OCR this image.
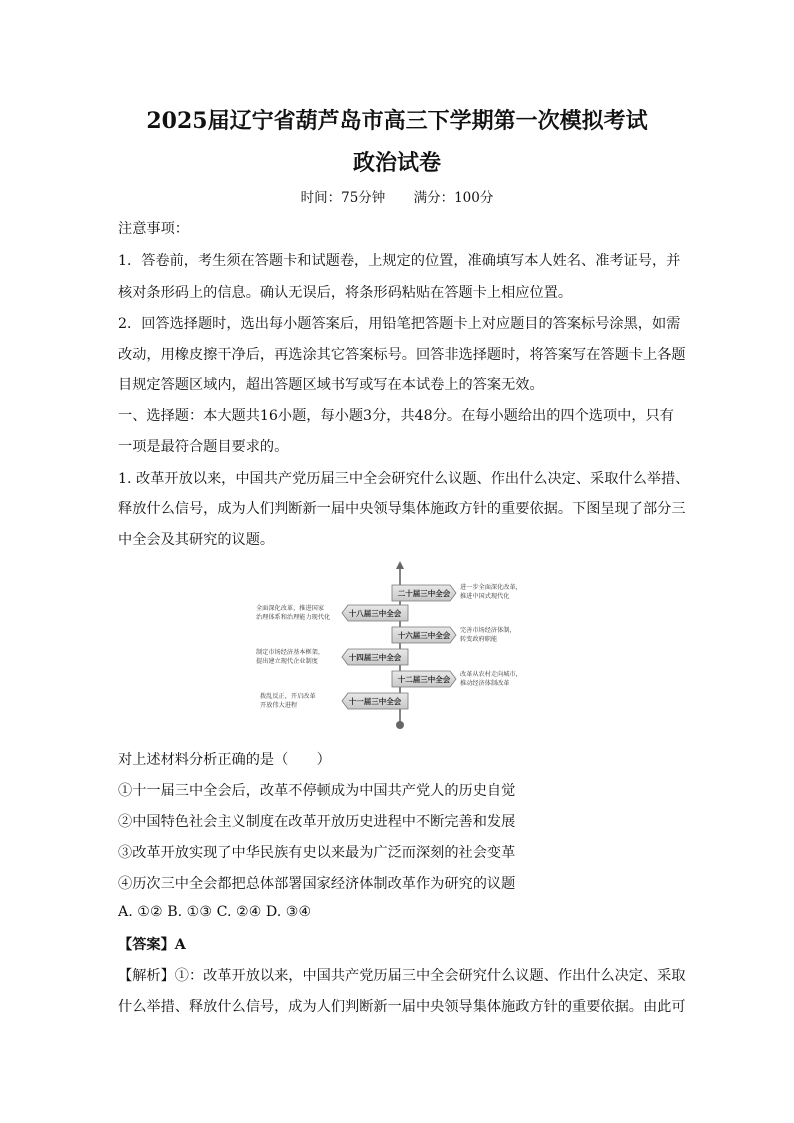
2025届辽宁省葫芦岛市高三下学期第一次模拟考试
政治试卷
时间：75分钟 满分：100分
注意事项：
1．答卷前，考生须在答题卡和试题卷，上规定的位置，准确填写本人姓名、准考证号，并
核对条形码上的信息。确认无误后，将条形码粘贴在答题卡上相应位置。
2．回答选择题时，选出每小题答案后，用铅笔把答题卡上对应题目的答案标号涂黑，如需
改动，用橡皮擦干净后，再选涂其它答案标号。回答非选择题时，将答案写在答题卡上各题
目规定答题区域内，超出答题区域书写或写在本试卷上的答案无效。
一、选择题：本大题共16小题，每小题3分，共48分。在每小题给出的四个选项中，只有
一项是最符合题目要求的。
1. 改革开放以来，中国共产党历届三中全会研究什么议题、作出什么决定、采取什么举措、
释放什么信号，成为人们判断新一届中央领导集体施政方针的重要依据。下图呈现了部分三
中全会及其研究的议题。
二十届三中全会
十八届三中全会
十六届三中全会
十四届三中全会
十二届三中全会
十一届三中全会
进一步全面深化改革，
推进中国式现代化
全面深化改革，推进国家
治理体系和治理能力现代化
完善市场经济体制，
转变政府职能
制定市场经济基本框架，
提出建立现代企业制度
改革从农村走向城市，
推动经济体制改革
拨乱反正，开启改革
开放伟大进程
对上述材料分析正确的是（　　）
①十一届三中全会后，改革不停顿成为中国共产党人的历史自觉
②中国特色社会主义制度在改革开放历史进程中不断完善和发展
③改革开放实现了中华民族有史以来最为广泛而深刻的社会变革
④历次三中全会都把总体部署国家经济体制改革作为研究的议题
A. ①② B. ①③ C. ②④ D. ③④
【答案】A
【解析】①：改革开放以来，中国共产党历届三中全会研究什么议题、作出什么决定、采取
什么举措、释放什么信号，成为人们判断新一届中央领导集体施政方针的重要依据。由此可
